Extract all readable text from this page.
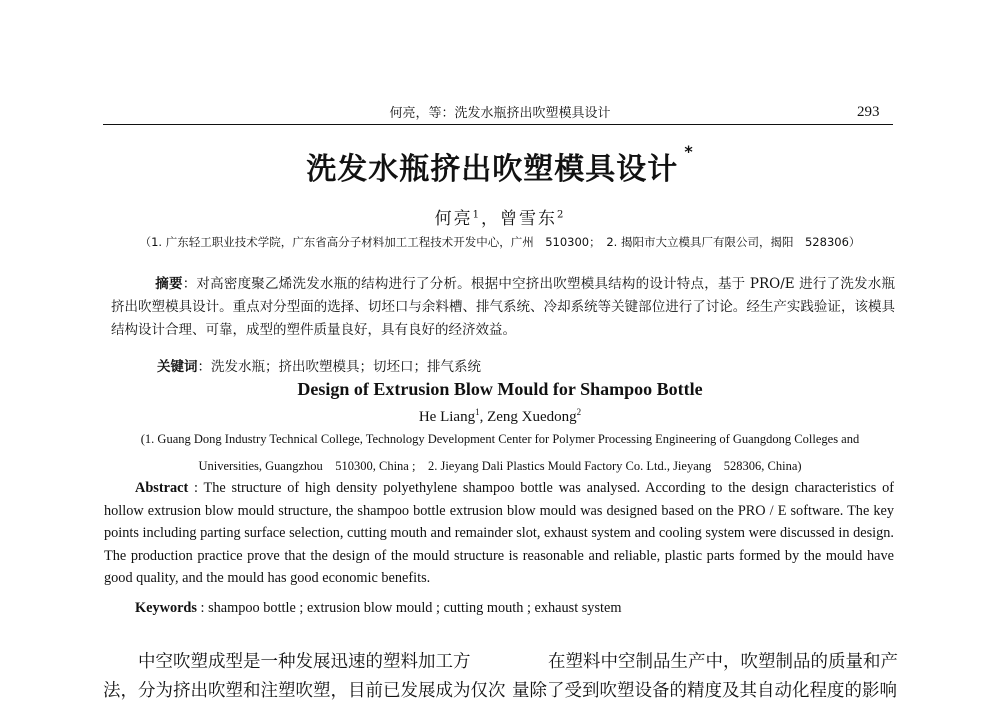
何亮，等：洗发水瓶挤出吹塑模具设计	293
洗发水瓶挤出吹塑模具设计*
何亮$^1$，曾雪东$^2$
（1. 广东轻工职业技术学院，广东省高分子材料加工工程技术开发中心，广州　510300；　2. 揭阳市大立模具厂有限公司，揭阳　528306）
摘要：对高密度聚乙烯洗发水瓶的结构进行了分析。根据中空挤出吹塑模具结构的设计特点，基于 PRO/E 进行了洗发水瓶挤出吹塑模具设计。重点对分型面的选择、切坯口与余料槽、排气系统、冷却系统等关键部位进行了讨论。经生产实践验证，该模具结构设计合理、可靠，成型的塑件质量良好，具有良好的经济效益。
关键词：洗发水瓶；挤出吹塑模具；切坯口；排气系统
Design of Extrusion Blow Mould for Shampoo Bottle
He Liang$^1$, Zeng Xuedong$^2$
(1. Guang Dong Industry Technical College, Technology Development Center for Polymer Processing Engineering of Guangdong Colleges and
Universities, Guangzhou　510300, China ;　2. Jieyang Dali Plastics Mould Factory Co. Ltd., Jieyang　528306, China)
Abstract : The structure of high density polyethylene shampoo bottle was analysed. According to the design characteristics of hollow extrusion blow mould structure, the shampoo bottle extrusion blow mould was designed based on the PRO / E software. The key points including parting surface selection, cutting mouth and remainder slot, exhaust system and cooling system were discussed in design. The production practice prove that the design of the mould structure is reasonable and reliable, plastic parts formed by the mould have good quality, and the mould has good economic benefits.
Keywords : shampoo bottle ; extrusion blow mould ; cutting mouth ; exhaust system
中空吹塑成型是一种发展迅速的塑料加工方
法，分为挤出吹塑和注塑吹塑，目前已发展成为仅次
在塑料中空制品生产中，吹塑制品的质量和产
量除了受到吹塑设备的精度及其自动化程度的影响
